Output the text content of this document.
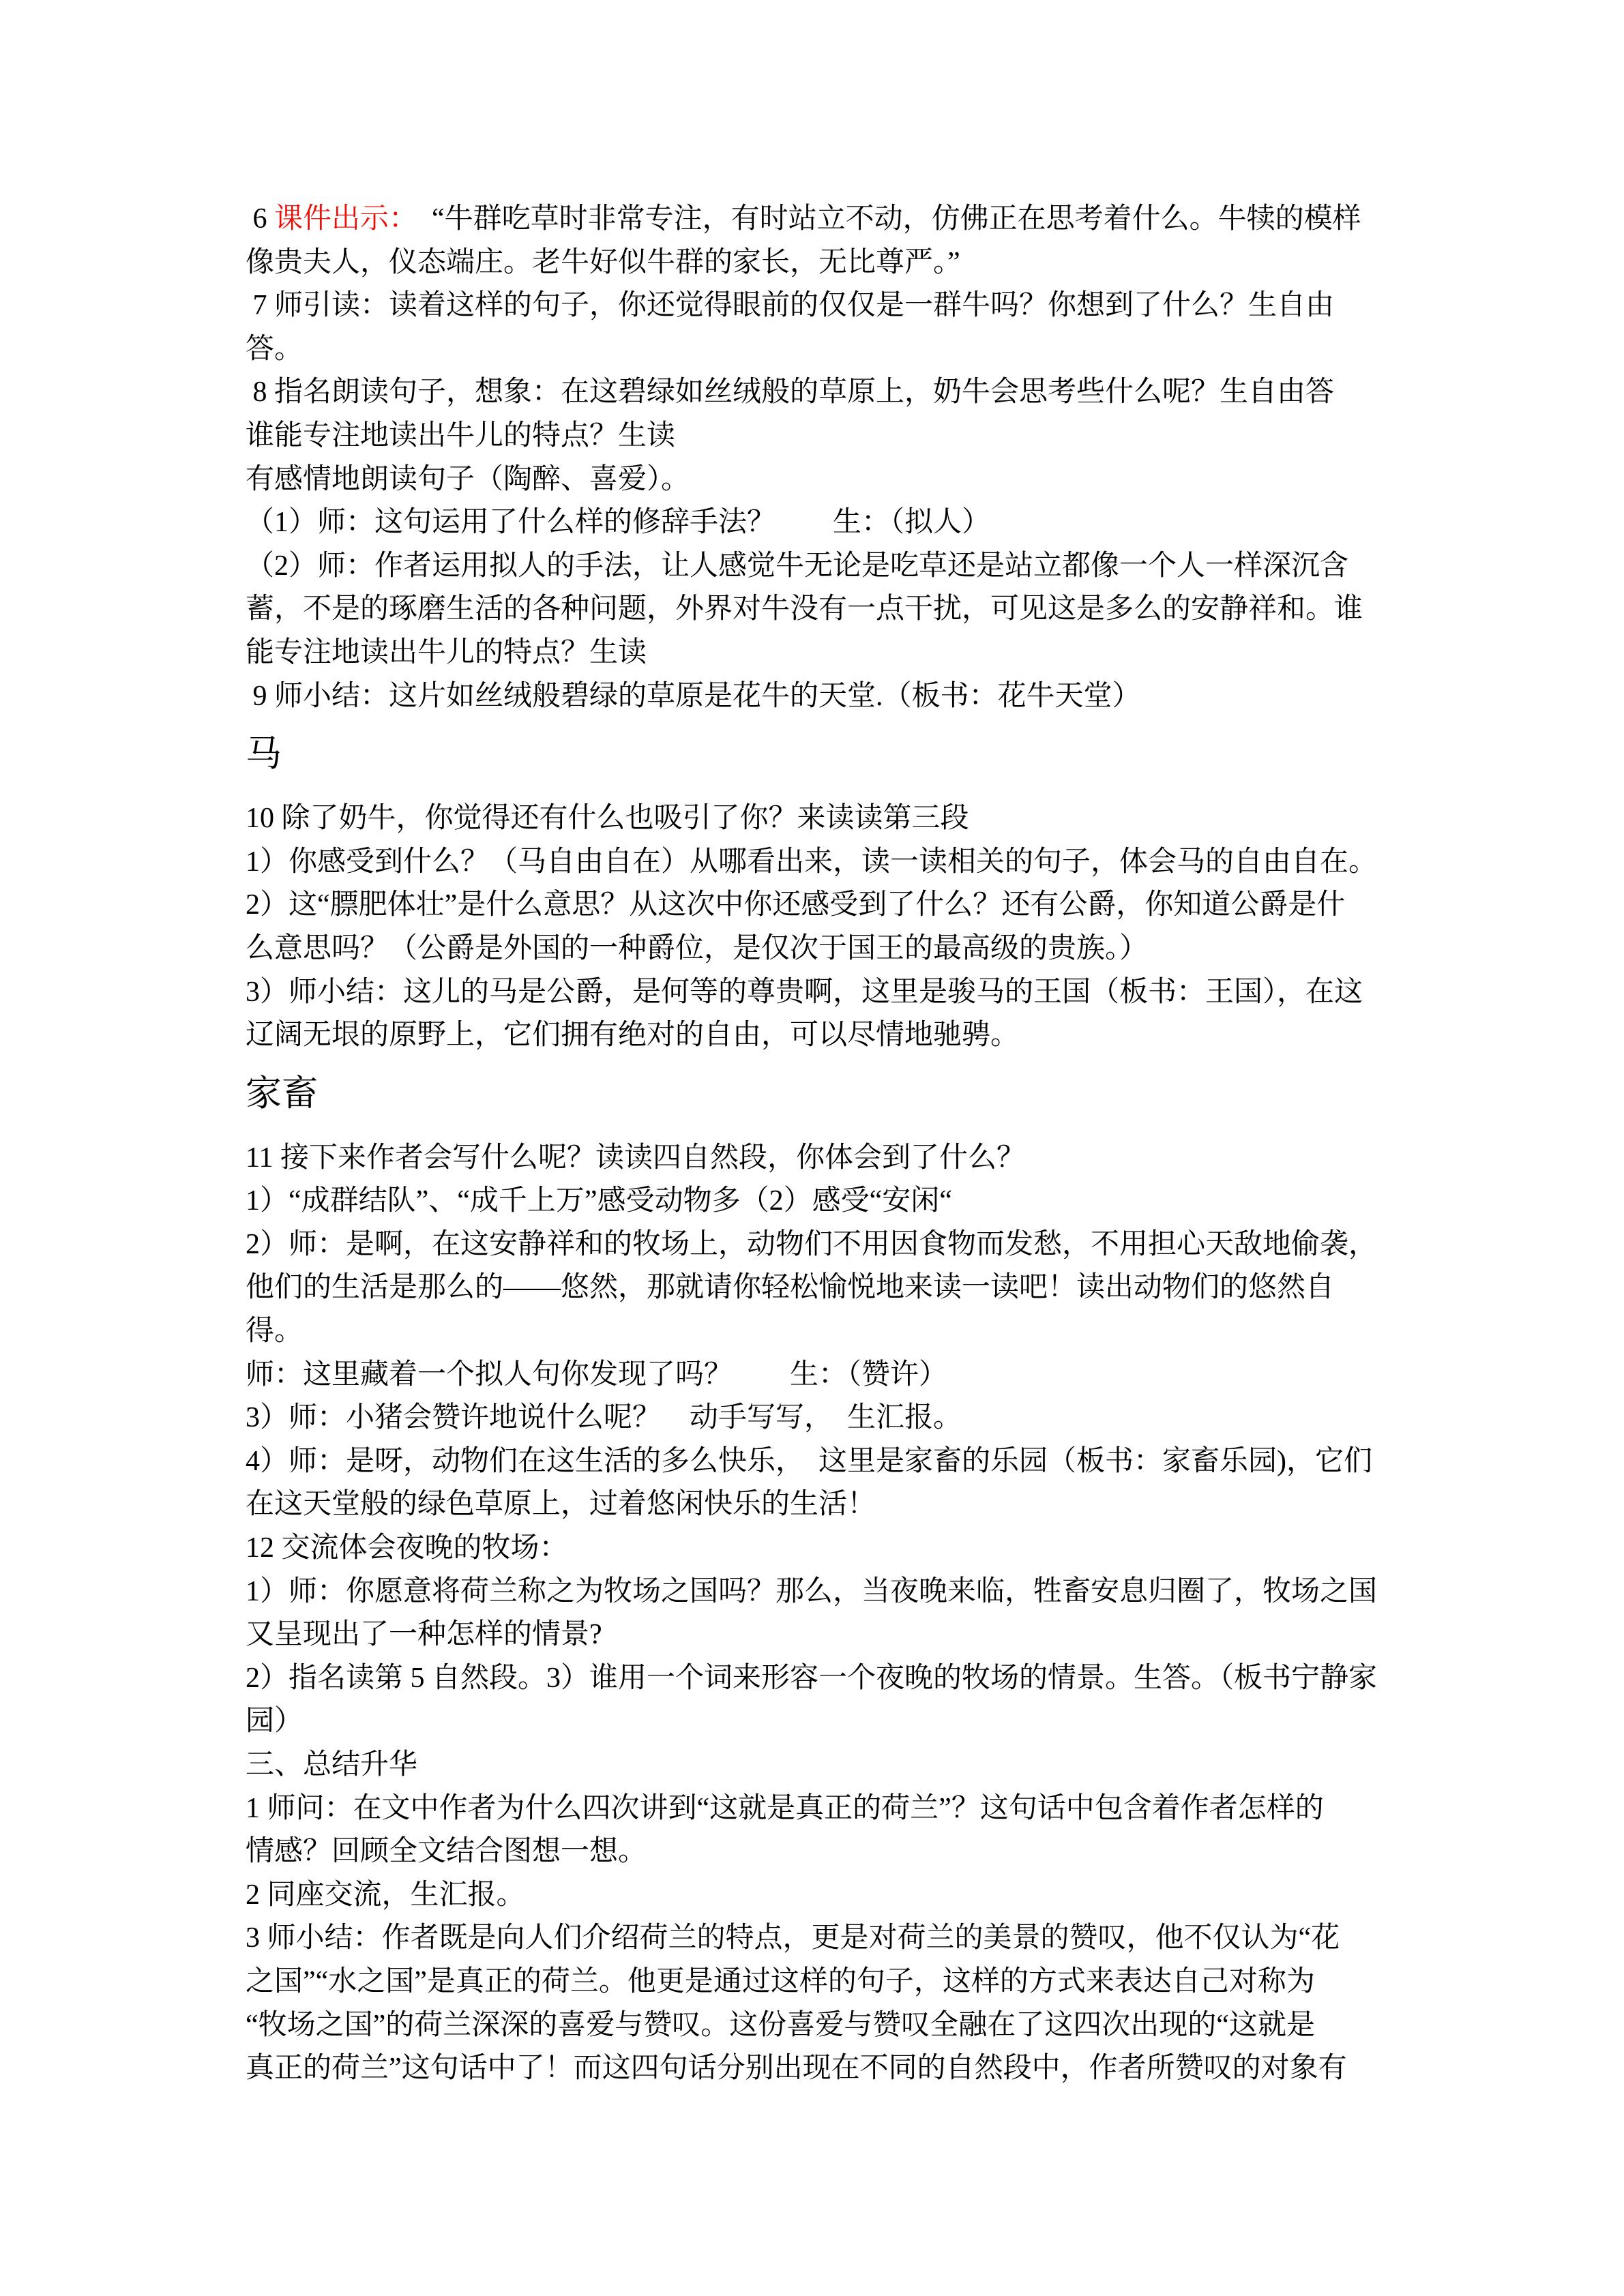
6 课件出示：　“牛群吃草时非常专注，有时站立不动，仿佛正在思考着什么。牛犊的模样
像贵夫人，仪态端庄。老牛好似牛群的家长，无比尊严。”
7 师引读：读着这样的句子，你还觉得眼前的仅仅是一群牛吗？你想到了什么？生自由
答。
8 指名朗读句子，想象：在这碧绿如丝绒般的草原上，奶牛会思考些什么呢？生自由答
谁能专注地读出牛儿的特点？生读
有感情地朗读句子（陶醉、喜爱）。
（1）师：这句运用了什么样的修辞手法？　　生：（拟人）
（2）师：作者运用拟人的手法，让人感觉牛无论是吃草还是站立都像一个人一样深沉含
蓄，不是的琢磨生活的各种问题，外界对牛没有一点干扰，可见这是多么的安静祥和。谁
能专注地读出牛儿的特点？生读
9 师小结：这片如丝绒般碧绿的草原是花牛的天堂.（板书：花牛天堂）
马
10 除了奶牛，你觉得还有什么也吸引了你？来读读第三段
1）你感受到什么？（马自由自在）从哪看出来，读一读相关的句子，体会马的自由自在。
2）这“膘肥体壮”是什么意思？从这次中你还感受到了什么？还有公爵，你知道公爵是什
么意思吗？（公爵是外国的一种爵位，是仅次于国王的最高级的贵族。）
3）师小结：这儿的马是公爵，是何等的尊贵啊，这里是骏马的王国（板书：王国），在这
辽阔无垠的原野上，它们拥有绝对的自由，可以尽情地驰骋。
家畜
11 接下来作者会写什么呢？读读四自然段，你体会到了什么？
1）“成群结队”、“成千上万”感受动物多（2）感受“安闲“
2）师：是啊，在这安静祥和的牧场上，动物们不用因食物而发愁，不用担心天敌地偷袭，
他们的生活是那么的——悠然，那就请你轻松愉悦地来读一读吧！读出动物们的悠然自
得。
师：这里藏着一个拟人句你发现了吗？　　生：（赞许）
3）师：小猪会赞许地说什么呢？　动手写写，　生汇报。
4）师：是呀，动物们在这生活的多么快乐，　这里是家畜的乐园（板书：家畜乐园)，它们
在这天堂般的绿色草原上，过着悠闲快乐的生活！
12 交流体会夜晚的牧场：
1）师：你愿意将荷兰称之为牧场之国吗？那么，当夜晚来临，牲畜安息归圈了，牧场之国
又呈现出了一种怎样的情景?
2）指名读第 5 自然段。3）谁用一个词来形容一个夜晚的牧场的情景。生答。（板书宁静家
园）
三、总结升华
1 师问：在文中作者为什么四次讲到“这就是真正的荷兰”？这句话中包含着作者怎样的
情感？回顾全文结合图想一想。
2 同座交流，生汇报。
3 师小结：作者既是向人们介绍荷兰的特点，更是对荷兰的美景的赞叹，他不仅认为“花
之国”“水之国”是真正的荷兰。他更是通过这样的句子，这样的方式来表达自己对称为
“牧场之国”的荷兰深深的喜爱与赞叹。这份喜爱与赞叹全融在了这四次出现的“这就是
真正的荷兰”这句话中了！而这四句话分别出现在不同的自然段中，作者所赞叹的对象有
